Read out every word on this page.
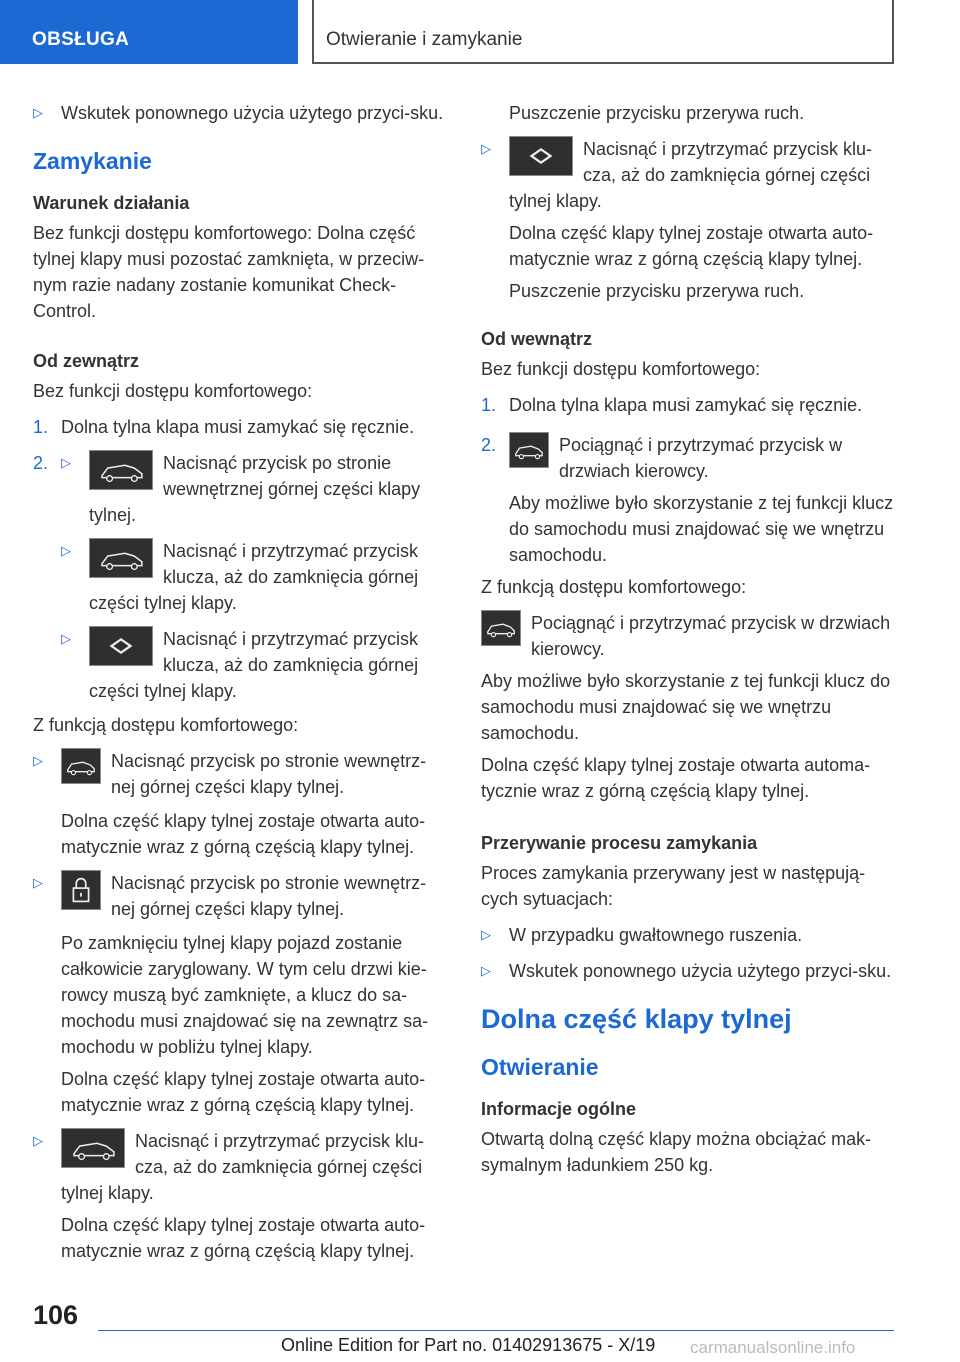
OBSŁUGA	Otwieranie i zamykanie

▷ Wskutek ponownego użycia użytego przyci-sku.

Zamykanie

Warunek działania

Bez funkcji dostępu komfortowego: Dolna część tylnej klapy musi pozostać zamknięta, w przeciw-nym razie nadany zostanie komunikat Check-Control.

Od zewnątrz

Bez funkcji dostępu komfortowego:

1. Dolna tylna klapa musi zamykać się ręcznie.

2. ▷	Nacisnąć przycisk po stronie wewnętrznej górnej części klapy tylnej.
▷	Nacisnąć i przytrzymać przycisk klucza, aż do zamknięcia górnej części tylnej klapy.
▷	Nacisnąć i przytrzymać przycisk klucza, aż do zamknięcia górnej części tylnej klapy.

Z funkcją dostępu komfortowego:

▷	Nacisnąć przycisk po stronie wewnętrz-nej górnej części klapy tylnej.

Dolna część klapy tylnej zostaje otwarta auto-matycznie wraz z górną częścią klapy tylnej.

▷	Nacisnąć przycisk po stronie wewnętrz-nej górnej części klapy tylnej.

Po zamknięciu tylnej klapy pojazd zostanie całkowicie zaryglowany. W tym celu drzwi kie-rowcy muszą być zamknięte, a klucz do sa-mochodu musi znajdować się na zewnątrz sa-mochodu w pobliżu tylnej klapy.

Dolna część klapy tylnej zostaje otwarta auto-matycznie wraz z górną częścią klapy tylnej.

▷	Nacisnąć i przytrzymać przycisk klu-cza, aż do zamknięcia górnej części tylnej klapy.

Dolna część klapy tylnej zostaje otwarta auto-matycznie wraz z górną częścią klapy tylnej.

Puszczenie przycisku przerywa ruch.

▷	Nacisnąć i przytrzymać przycisk klu-cza, aż do zamknięcia górnej części tylnej klapy.

Dolna część klapy tylnej zostaje otwarta auto-matycznie wraz z górną częścią klapy tylnej.

Puszczenie przycisku przerywa ruch.

Od wewnątrz

Bez funkcji dostępu komfortowego:

1. Dolna tylna klapa musi zamykać się ręcznie.

2.	Pociągnąć i przytrzymać przycisk w drzwiach kierowcy.

Aby możliwe było skorzystanie z tej funkcji klucz do samochodu musi znajdować się we wnętrzu samochodu.

Z funkcją dostępu komfortowego:

Pociągnąć i przytrzymać przycisk w drzwiach kierowcy.

Aby możliwe było skorzystanie z tej funkcji klucz do samochodu musi znajdować się we wnętrzu samochodu.

Dolna część klapy tylnej zostaje otwarta automa-tycznie wraz z górną częścią klapy tylnej.

Przerywanie procesu zamykania

Proces zamykania przerywany jest w następują-cych sytuacjach:

▷ W przypadku gwałtownego ruszenia.

▷ Wskutek ponownego użycia użytego przyci-sku.

Dolna część klapy tylnej

Otwieranie

Informacje ogólne

Otwartą dolną część klapy można obciążać mak-symalnym ładunkiem 250 kg.

106
Online Edition for Part no. 01402913675 - X/19 carmanualsonline.info
